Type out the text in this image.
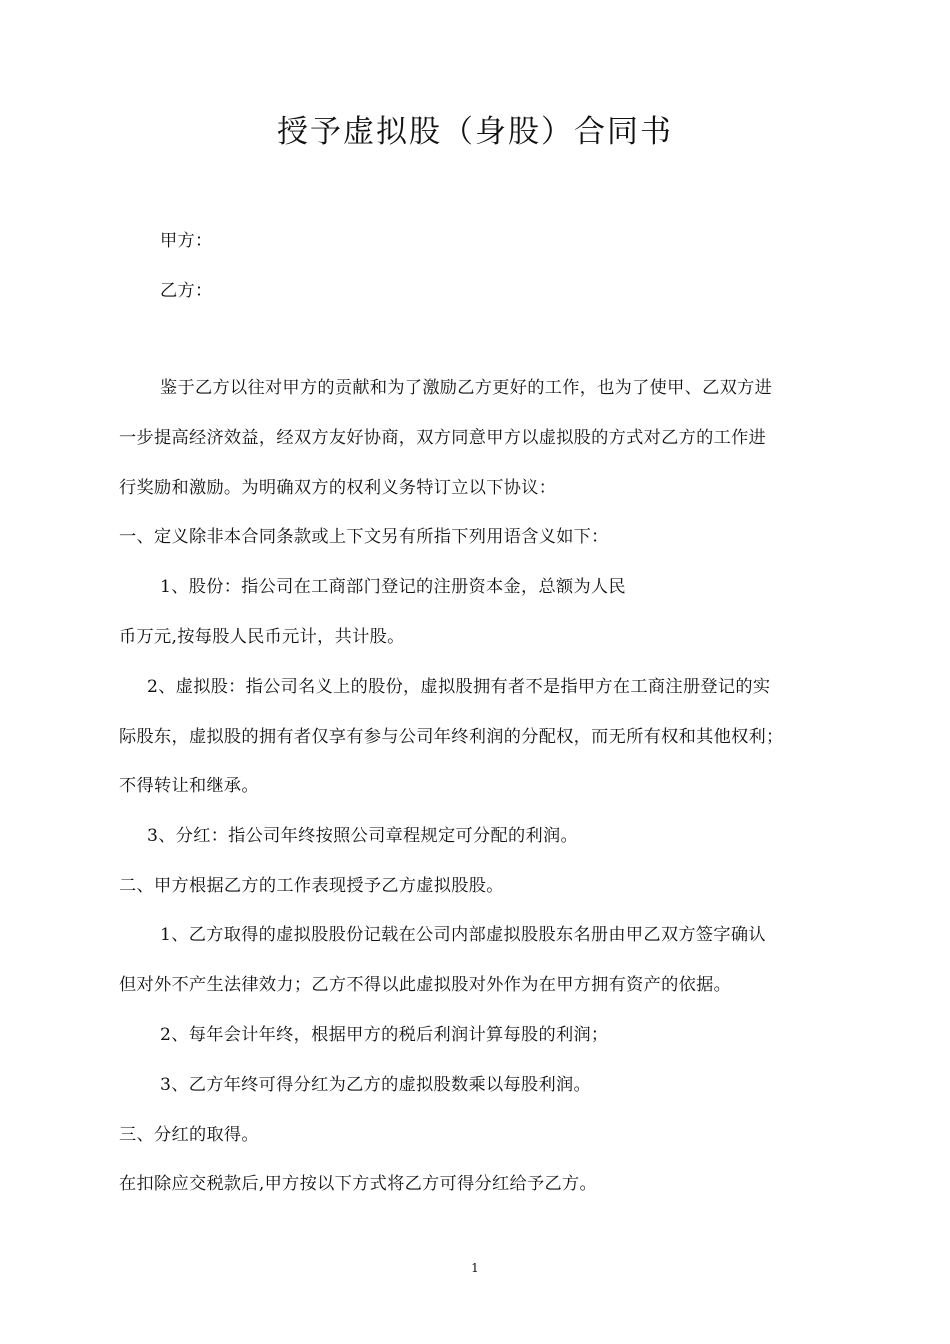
授予虚拟股（身股）合同书
甲方：
乙方：
鉴于乙方以往对甲方的贡献和为了激励乙方更好的工作，也为了使甲、乙双方进
一步提高经济效益，经双方友好协商，双方同意甲方以虚拟股的方式对乙方的工作进
行奖励和激励。为明确双方的权利义务特订立以下协议：
一、定义除非本合同条款或上下文另有所指下列用语含义如下：
1、股份：指公司在工商部门登记的注册资本金，总额为人民
币万元,按每股人民币元计，共计股。
2、虚拟股：指公司名义上的股份，虚拟股拥有者不是指甲方在工商注册登记的实
际股东，虚拟股的拥有者仅享有参与公司年终利润的分配权，而无所有权和其他权利；
不得转让和继承。
3、分红：指公司年终按照公司章程规定可分配的利润。
二、甲方根据乙方的工作表现授予乙方虚拟股股。
1、乙方取得的虚拟股股份记载在公司内部虚拟股股东名册由甲乙双方签字确认
但对外不产生法律效力；乙方不得以此虚拟股对外作为在甲方拥有资产的依据。
2、每年会计年终，根据甲方的税后利润计算每股的利润；
3、乙方年终可得分红为乙方的虚拟股数乘以每股利润。
三、分红的取得。
在扣除应交税款后,甲方按以下方式将乙方可得分红给予乙方。
1
